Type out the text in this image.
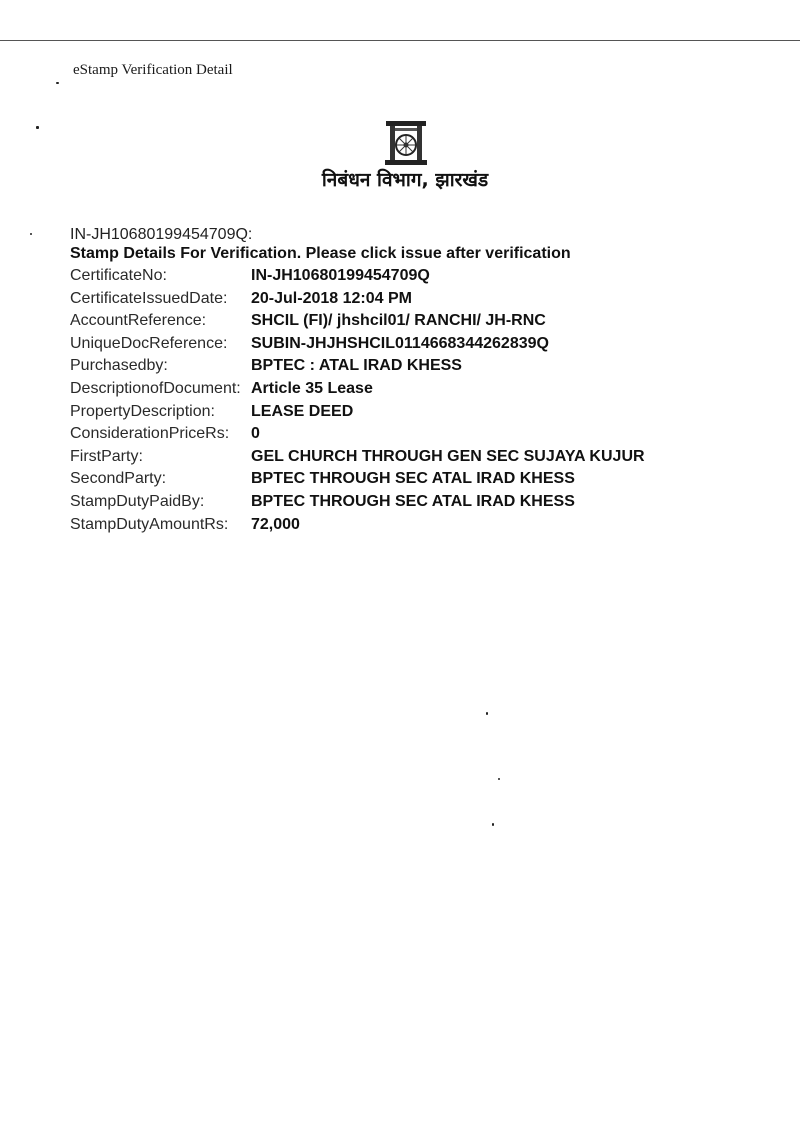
eStamp Verification Detail
निबंधन विभाग, झारखंड
IN-JH10680199454709Q:
Stamp Details For Verification. Please click issue after verification
CertificateNo:	IN-JH10680199454709Q
CertificateIssuedDate: 20-Jul-2018 12:04 PM
AccountReference:	SHCIL (FI)/ jhshcil01/ RANCHI/ JH-RNC
UniqueDocReference: SUBIN-JHJHSHCIL0114668344262839Q
Purchasedby:	BPTEC : ATAL IRAD KHESS
DescriptionofDocument: Article 35 Lease
PropertyDescription: LEASE DEED
ConsiderationPriceRs: 0
FirstParty:	GEL CHURCH THROUGH GEN SEC SUJAYA KUJUR
SecondParty:	BPTEC THROUGH SEC ATAL IRAD KHESS
StampDutyPaidBy:	BPTEC THROUGH SEC ATAL IRAD KHESS
StampDutyAmountRs: 72,000
